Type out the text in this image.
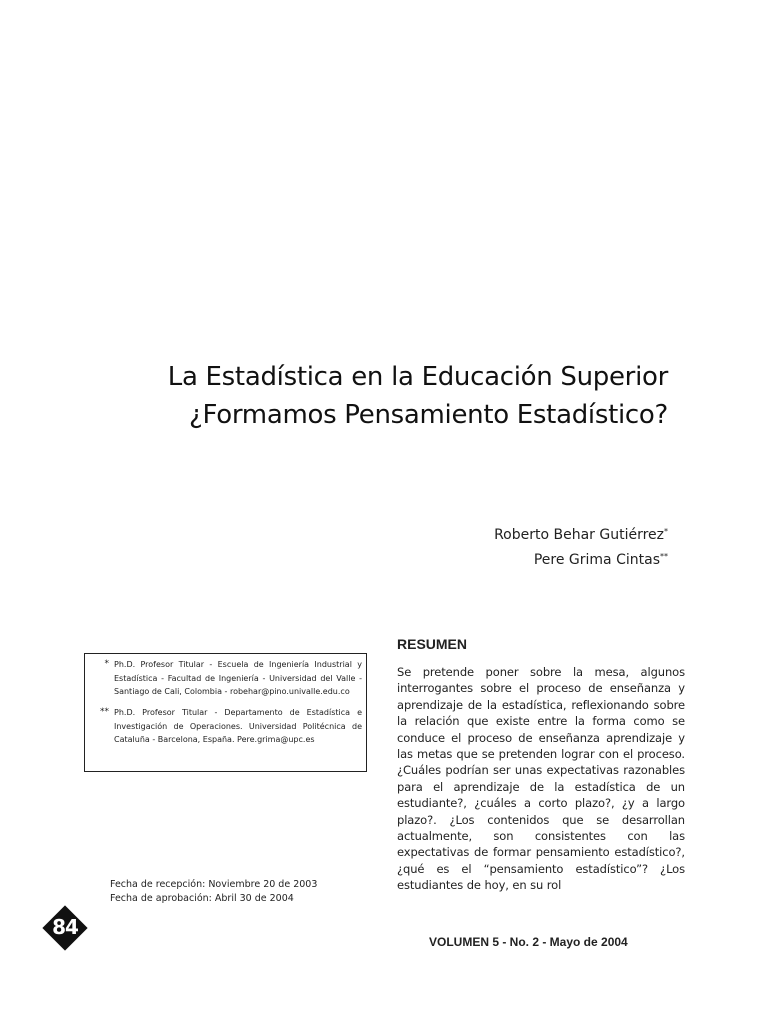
La Estadística en la Educación Superior
¿Formamos Pensamiento Estadístico?
Roberto Behar Gutiérrez*
Pere Grima Cintas**
* Ph.D. Profesor Titular - Escuela de Ingeniería Industrial y Estadística - Facultad de Ingeniería - Universidad del Valle - Santiago de Cali, Colombia - robehar@pino.univalle.edu.co
** Ph.D. Profesor Titular - Departamento de Estadística e Investigación de Operaciones. Universidad Politécnica de Cataluña - Barcelona, España. Pere.grima@upc.es
Fecha de recepción: Noviembre 20 de 2003
Fecha de aprobación: Abril 30 de 2004
RESUMEN
Se pretende poner sobre la mesa, algunos interrogantes sobre el proceso de enseñanza y aprendizaje de la estadística, reflexionando sobre la relación que existe entre la forma como se conduce el proceso de enseñanza aprendizaje y las metas que se pretenden lograr con el proceso.¿Cuáles podrían ser unas expectativas razonables para el aprendizaje de la estadística de un estudiante?, ¿cuáles a corto plazo?, ¿y a largo plazo?. ¿Los contenidos que se desarrollan actualmente, son consistentes con las expectativas de formar pensamiento estadístico?, ¿qué es el “pensamiento estadístico”? ¿Los estudiantes de hoy, en su rol
84
VOLUMEN 5 - No. 2 - Mayo de 2004
